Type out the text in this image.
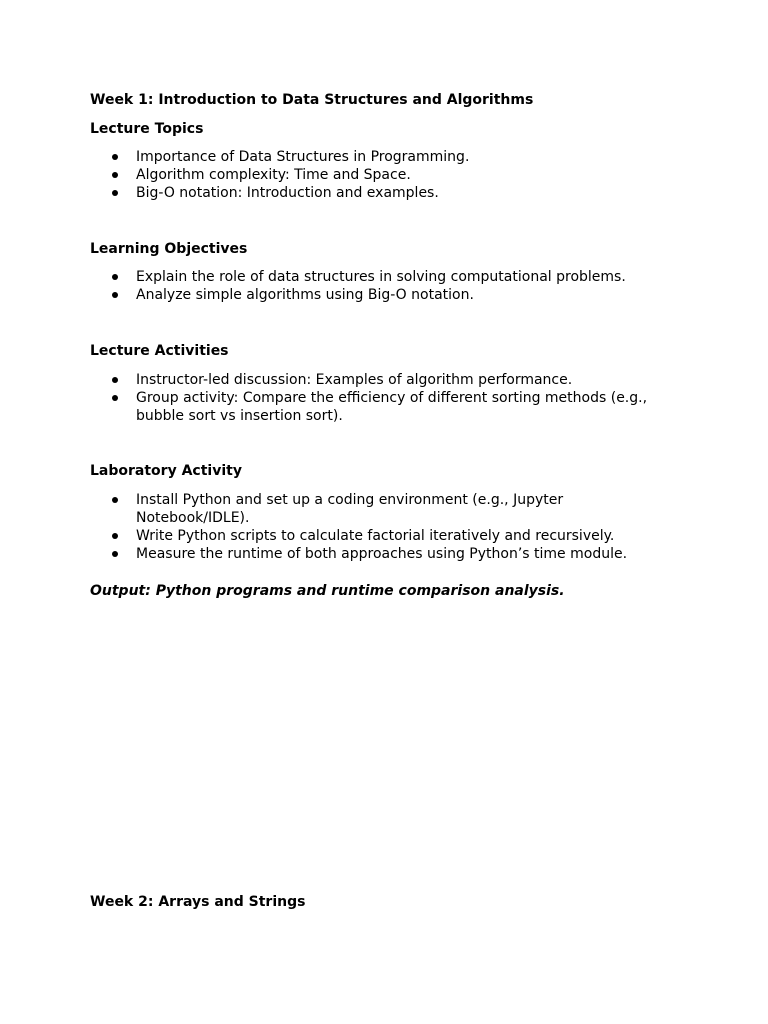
Week 1: Introduction to Data Structures and Algorithms

Lecture Topics

Importance of Data Structures in Programming.
Algorithm complexity: Time and Space.
Big-O notation: Introduction and examples.

Learning Objectives

Explain the role of data structures in solving computational problems.
Analyze simple algorithms using Big-O notation.

Lecture Activities

Instructor-led discussion: Examples of algorithm performance.
Group activity: Compare the efficiency of different sorting methods (e.g., bubble sort vs insertion sort).

Laboratory Activity

Install Python and set up a coding environment (e.g., Jupyter Notebook/IDLE).
Write Python scripts to calculate factorial iteratively and recursively.
Measure the runtime of both approaches using Python’s time module.

Output: Python programs and runtime comparison analysis.

Week 2: Arrays and Strings
